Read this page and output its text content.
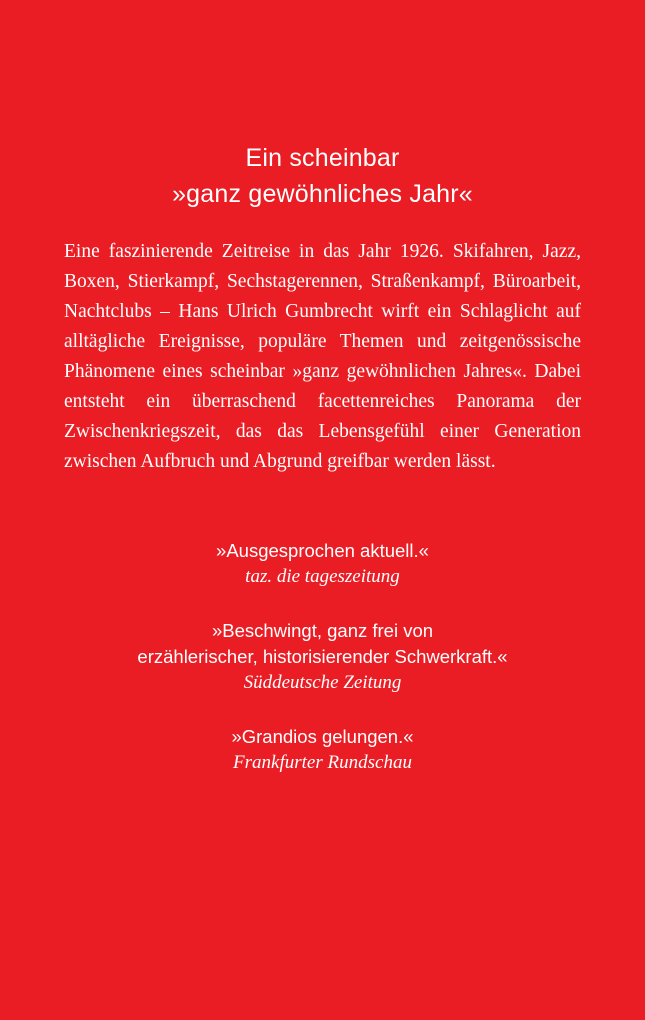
Ein scheinbar
»ganz gewöhnliches Jahr«
Eine faszinierende Zeitreise in das Jahr 1926. Skifahren, Jazz, Boxen, Stierkampf, Sechstagerennen, Straßenkampf, Büroarbeit, Nachtclubs – Hans Ulrich Gumbrecht wirft ein Schlaglicht auf alltägliche Ereignisse, populäre Themen und zeitgenössische Phänomene eines scheinbar »ganz gewöhnlichen Jahres«. Dabei entsteht ein überraschend facettenreiches Panorama der Zwischenkriegszeit, das das Lebensgefühl einer Generation zwischen Aufbruch und Abgrund greifbar werden lässt.
»Ausgesprochen aktuell.«
taz. die tageszeitung
»Beschwingt, ganz frei von
erzählerischer, historisierender Schwerkraft.«
Süddeutsche Zeitung
»Grandios gelungen.«
Frankfurter Rundschau
